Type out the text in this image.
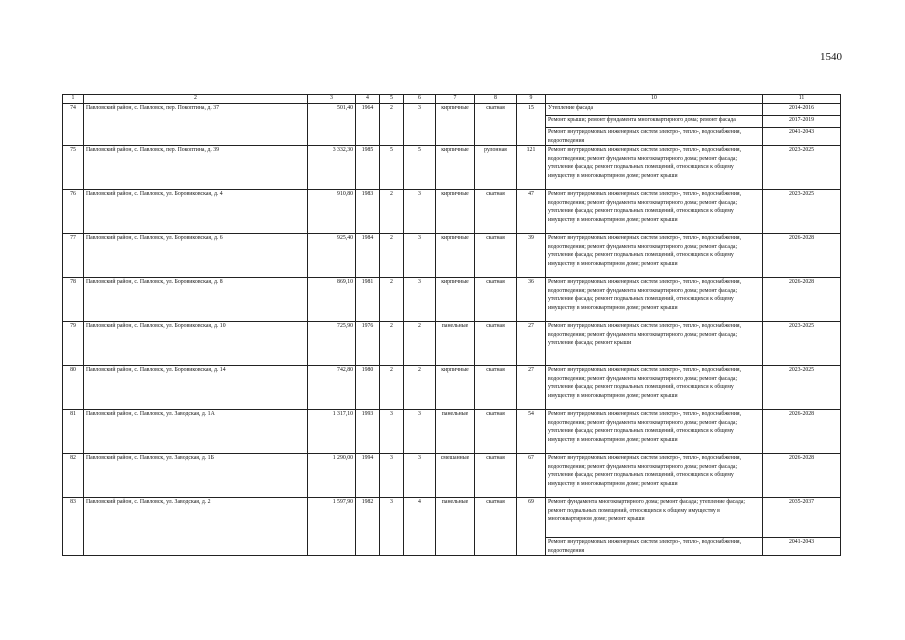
1540
1	2	3	4	5	6	7	8	9	10	11
74	Павловский район, с. Павловск, пер. Покоптина, д. 37	501,40	1964	2	3	кирпичные	скатная	15	Утепление фасада	2014-2016
									Ремонт крыши; ремонт фундамента многоквартирного дома; ремонт фасада	2017-2019
									Ремонт внутридомовых инженерных систем электро-, тепло-, водоснабжения, водоотведения	2041-2043
75	Павловский район, с. Павловск, пер. Покоптина, д. 39	3 332,30	1985	5	5	кирпичные	рулонная	121	Ремонт внутридомовых инженерных систем электро-, тепло-, водоснабжения, водоотведения; ремонт фундамента многоквартирного дома; ремонт фасада; утепление фасада; ремонт подвальных помещений, относящихся к общему имуществу в многоквартирном доме; ремонт крыши	2023-2025
76	Павловский район, с. Павловск, ул. Боровиковская, д. 4	910,80	1983	2	3	кирпичные	скатная	47	Ремонт внутридомовых инженерных систем электро-, тепло-, водоснабжения, водоотведения; ремонт фундамента многоквартирного дома; ремонт фасада; утепление фасада; ремонт подвальных помещений, относящихся к общему имуществу в многоквартирном доме; ремонт крыши	2023-2025
77	Павловский район, с. Павловск, ул. Боровиковская, д. 6	925,40	1984	2	3	кирпичные	скатная	39	Ремонт внутридомовых инженерных систем электро-, тепло-, водоснабжения, водоотведения; ремонт фундамента многоквартирного дома; ремонт фасада; утепление фасада; ремонт подвальных помещений, относящихся к общему имуществу в многоквартирном доме; ремонт крыши	2026-2028
78	Павловский район, с. Павловск, ул. Боровиковская, д. 8	869,10	1981	2	3	кирпичные	скатная	36	Ремонт внутридомовых инженерных систем электро-, тепло-, водоснабжения, водоотведения; ремонт фундамента многоквартирного дома; ремонт фасада; утепление фасада; ремонт подвальных помещений, относящихся к общему имуществу в многоквартирном доме; ремонт крыши	2026-2028
79	Павловский район, с. Павловск, ул. Боровиковская, д. 10	725,90	1976	2	2	панельные	скатная	27	Ремонт внутридомовых инженерных систем электро-, тепло-, водоснабжения, водоотведения; ремонт фундамента многоквартирного дома; ремонт фасада; утепление фасада; ремонт крыши	2023-2025
80	Павловский район, с. Павловск, ул. Боровиковская, д. 14	742,80	1980	2	2	кирпичные	скатная	27	Ремонт внутридомовых инженерных систем электро-, тепло-, водоснабжения, водоотведения; ремонт фундамента многоквартирного дома; ремонт фасада; утепление фасада; ремонт подвальных помещений, относящихся к общему имуществу в многоквартирном доме; ремонт крыши	2023-2025
81	Павловский район, с. Павловск, ул. Заводская, д. 1А	1 317,10	1993	3	3	панельные	скатная	54	Ремонт внутридомовых инженерных систем электро-, тепло-, водоснабжения, водоотведения; ремонт фундамента многоквартирного дома; ремонт фасада; утепление фасада; ремонт подвальных помещений, относящихся к общему имуществу в многоквартирном доме; ремонт крыши	2026-2028
82	Павловский район, с. Павловск, ул. Заводская, д. 1Б	1 290,00	1994	3	3	смешанные	скатная	67	Ремонт внутридомовых инженерных систем электро-, тепло-, водоснабжения, водоотведения; ремонт фундамента многоквартирного дома; ремонт фасада; утепление фасада; ремонт подвальных помещений, относящихся к общему имуществу в многоквартирном доме; ремонт крыши	2026-2028
83	Павловский район, с. Павловск, ул. Заводская, д. 2	1 597,90	1982	3	4	панельные	скатная	69	Ремонт фундамента многоквартирного дома; ремонт фасада; утепление фасада; ремонт подвальных помещений, относящихся к общему имуществу в многоквартирном доме; ремонт крыши	2035-2037
									Ремонт внутридомовых инженерных систем электро-, тепло-, водоснабжения, водоотведения	2041-2043
